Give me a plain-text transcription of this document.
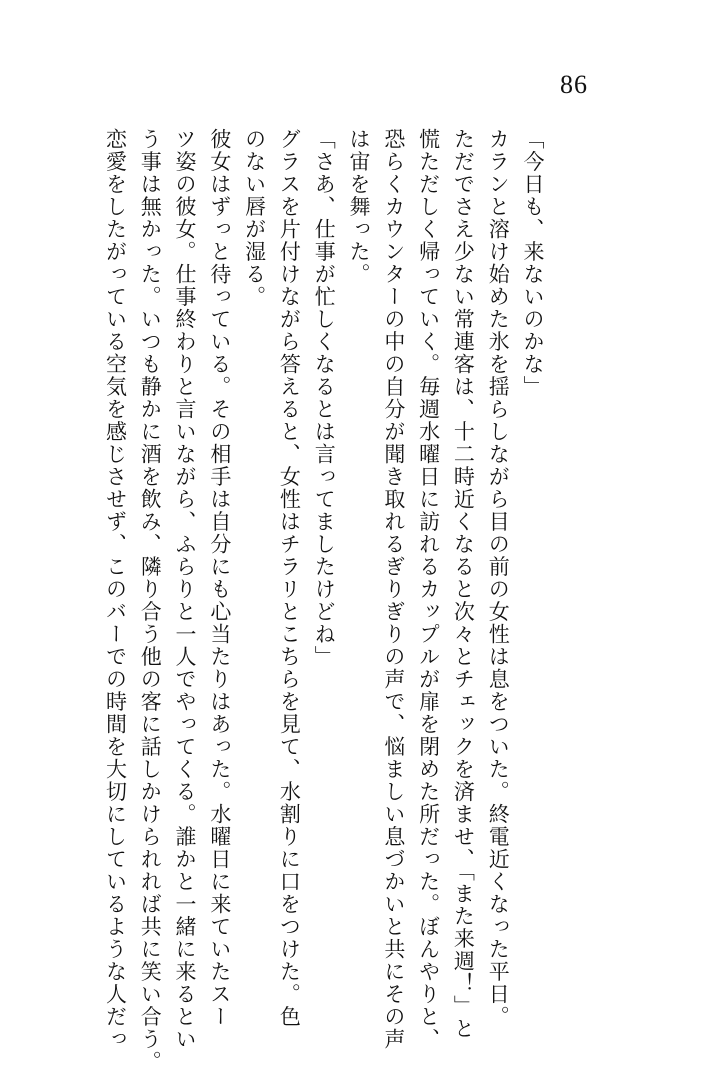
86
「今日も、来ないのかな」
カランと溶け始めた氷を揺らしながら目の前の女性は息をついた。終電近くなった平日。
ただでさえ少ない常連客は、十二時近くなると次々とチェックを済ませ、「また来週！」と
慌ただしく帰っていく。毎週水曜日に訪れるカップルが扉を閉めた所だった。ぼんやりと、
恐らくカウンターの中の自分が聞き取れるぎりぎりの声で、悩ましい息づかいと共にその声
は宙を舞った。
「さあ、仕事が忙しくなるとは言ってましたけどね」
グラスを片付けながら答えると、女性はチラリとこちらを見て、水割りに口をつけた。色
のない唇が湿る。
彼女はずっと待っている。その相手は自分にも心当たりはあった。水曜日に来ていたスー
ツ姿の彼女。仕事終わりと言いながら、ふらりと一人でやってくる。誰かと一緒に来るとい
う事は無かった。いつも静かに酒を飲み、隣り合う他の客に話しかけられれば共に笑い合う。
恋愛をしたがっている空気を感じさせず、このバーでの時間を大切にしているような人だっ
